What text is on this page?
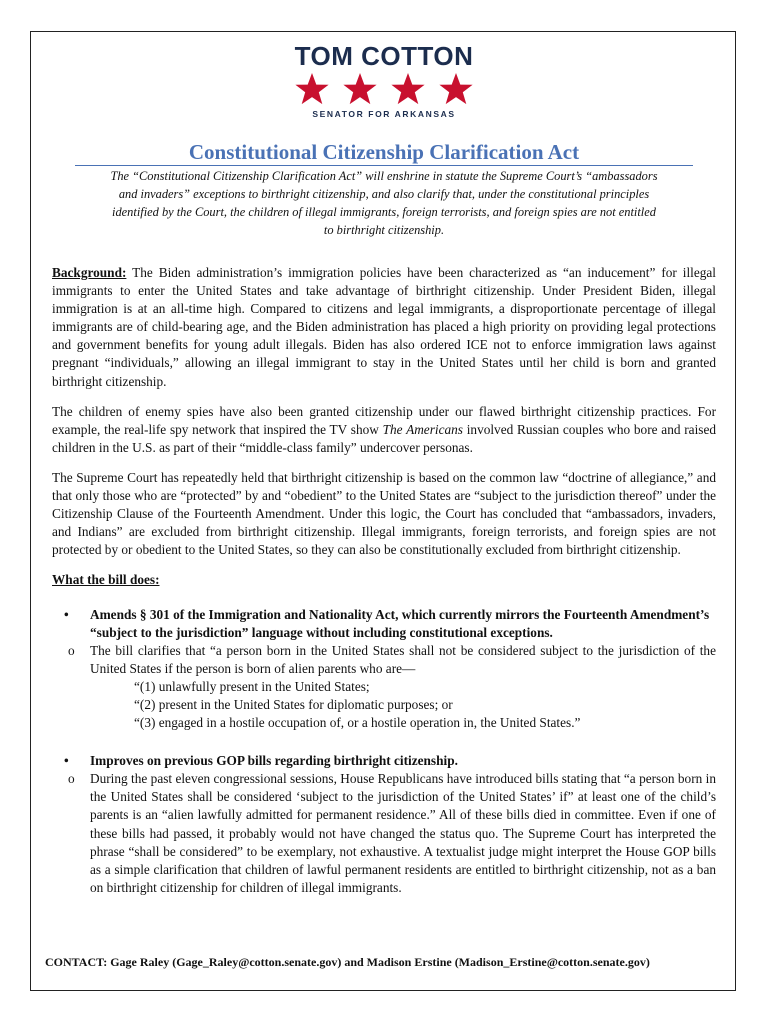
TOM COTTON
SENATOR FOR ARKANSAS
Constitutional Citizenship Clarification Act
The “Constitutional Citizenship Clarification Act” will enshrine in statute the Supreme Court’s “ambassadors and invaders” exceptions to birthright citizenship, and also clarify that, under the constitutional principles identified by the Court, the children of illegal immigrants, foreign terrorists, and foreign spies are not entitled to birthright citizenship.

Background: The Biden administration’s immigration policies have been characterized as “an inducement” for illegal immigrants to enter the United States and take advantage of birthright citizenship. Under President Biden, illegal immigration is at an all-time high. Compared to citizens and legal immigrants, a disproportionate percentage of illegal immigrants are of child-bearing age, and the Biden administration has placed a high priority on providing legal protections and government benefits for young adult illegals. Biden has also ordered ICE not to enforce immigration laws against pregnant “individuals,” allowing an illegal immigrant to stay in the United States until her child is born and granted birthright citizenship.

The children of enemy spies have also been granted citizenship under our flawed birthright citizenship practices. For example, the real-life spy network that inspired the TV show The Americans involved Russian couples who bore and raised children in the U.S. as part of their “middle-class family” undercover personas.

The Supreme Court has repeatedly held that birthright citizenship is based on the common law “doctrine of allegiance,” and that only those who are “protected” by and “obedient” to the United States are “subject to the jurisdiction thereof” under the Citizenship Clause of the Fourteenth Amendment. Under this logic, the Court has concluded that “ambassadors, invaders, and Indians” are excluded from birthright citizenship. Illegal immigrants, foreign terrorists, and foreign spies are not protected by or obedient to the United States, so they can also be constitutionally excluded from birthright citizenship.

What the bill does:

• Amends § 301 of the Immigration and Nationality Act, which currently mirrors the Fourteenth Amendment’s “subject to the jurisdiction” language without including constitutional exceptions.

o The bill clarifies that “a person born in the United States shall not be considered subject to the jurisdiction of the United States if the person is born of alien parents who are—

“(1) unlawfully present in the United States;

“(2) present in the United States for diplomatic purposes; or

“(3) engaged in a hostile occupation of, or a hostile operation in, the United States.”

• Improves on previous GOP bills regarding birthright citizenship.

o During the past eleven congressional sessions, House Republicans have introduced bills stating that “a person born in the United States shall be considered ‘subject to the jurisdiction of the United States’ if” at least one of the child’s parents is an “alien lawfully admitted for permanent residence.” All of these bills died in committee. Even if one of these bills had passed, it probably would not have changed the status quo. The Supreme Court has interpreted the phrase “shall be considered” to be exemplary, not exhaustive. A textualist judge might interpret the House GOP bills as a simple clarification that children of lawful permanent residents are entitled to birthright citizenship, not as a ban on birthright citizenship for children of illegal immigrants.

CONTACT: Gage Raley (Gage_Raley@cotton.senate.gov) and Madison Erstine (Madison_Erstine@cotton.senate.gov)
